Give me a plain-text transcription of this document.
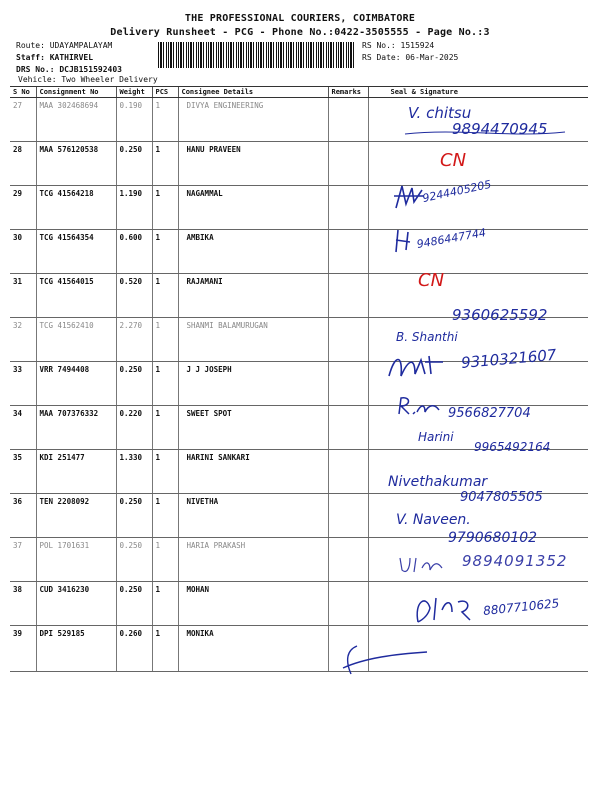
THE PROFESSIONAL COURIERS, COIMBATORE
Delivery Runsheet - PCG - Phone No.:0422-3505555 - Page No.:3
Route: UDAYAMPALAYAM
Staff: KATHIRVEL
DRS No.: DCJB151592403
Vehicle: Two Wheeler Delivery
RS No.: 1515924
RS Date: 06-Mar-2025
S No	Consignment No	Weight	PCS	Consignee Details	Remarks	Seal & Signature
27	MAA 302468694	0.190	1	DIVYA ENGINEERING		
28	MAA 576120538	0.250	1	HANU PRAVEEN		
29	TCG 41564218	1.190	1	NAGAMMAL		
30	TCG 41564354	0.600	1	AMBIKA		
31	TCG 41564015	0.520	1	RAJAMANI		
32	TCG 41562410	2.270	1	SHANMI BALAMURUGAN		
33	VRR 7494408	0.250	1	J J JOSEPH		
34	MAA 707376332	0.220	1	SWEET SPOT		
35	KDI 251477	1.330	1	HARINI SANKARI		
36	TEN 2208092	0.250	1	NIVETHA		
37	POL 1701631	0.250	1	HARIA PRAKASH		
38	CUD 3416230	0.250	1	MOHAN		
39	DPI 529185	0.260	1	MONIKA		
V. chitsu
9894470945
CN
9244405205
9486447744
CN
9360625592
B. Shanthi
9310321607
9566827704
Harini
9965492164
Nivethakumar
9047805505
V. Naveen.
9790680102
9894091352
8807710625
